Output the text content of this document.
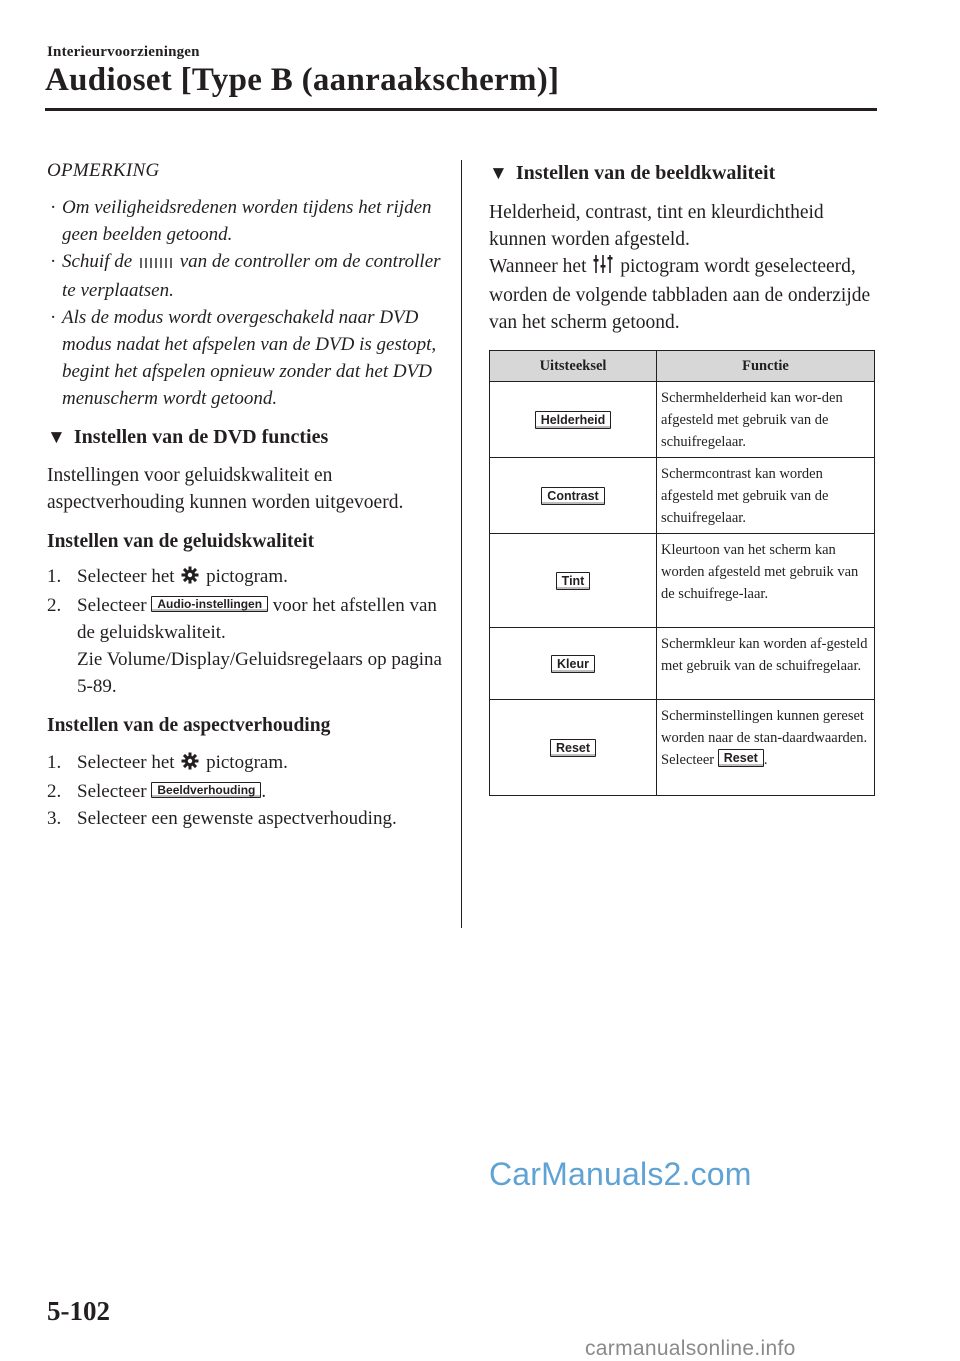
Interieurvoorzieningen
Audioset [Type B (aanraakscherm)]
OPMERKING
· Om veiligheidsredenen worden tijdens het rijden geen beelden getoond.
· Schuif de	van de controller om de controller te verplaatsen.
· Als de modus wordt overgeschakeld naar DVD modus nadat het afspelen van de DVD is gestopt, begint het afspelen opnieuw zonder dat het DVD menuscherm wordt getoond.
▼ Instellen van de DVD functies

Instellingen voor geluidskwaliteit en aspectverhouding kunnen worden uitgevoerd.

Instellen van de geluidskwaliteit
1. Selecteer het pictogram.
2. Selecteer Audio-instellingen voor het afstellen van de geluidskwaliteit.
Zie Volume/Display/Geluidsregelaars op pagina 5-89.
Instellen van de aspectverhouding
1. Selecteer het pictogram.
2. Selecteer Beeldverhouding .
3. Selecteer een gewenste aspectverhouding.
▼ Instellen van de beeldkwaliteit

Helderheid, contrast, tint en kleurdichtheid kunnen worden afgesteld.

Wanneer het pictogram wordt geselecteerd, worden de volgende tabbladen aan de onderzijde van het scherm getoond.

Uitsteeksel	Functie
Helderheid	Schermhelderheid kan wor-den afgesteld met gebruik van de schuifregelaar.
Contrast	Schermcontrast kan worden afgesteld met gebruik van de schuifregelaar.
Tint	Kleurtoon van het scherm kan worden afgesteld met gebruik van de schuifrege-laar.
Kleur	Schermkleur kan worden af-gesteld met gebruik van de schuifregelaar.
Reset	Scherminstellingen kunnen gereset worden naar de stan-daardwaarden.
Selecteer Reset .
CarManuals2.com
5-102
carmanualsonline.info
